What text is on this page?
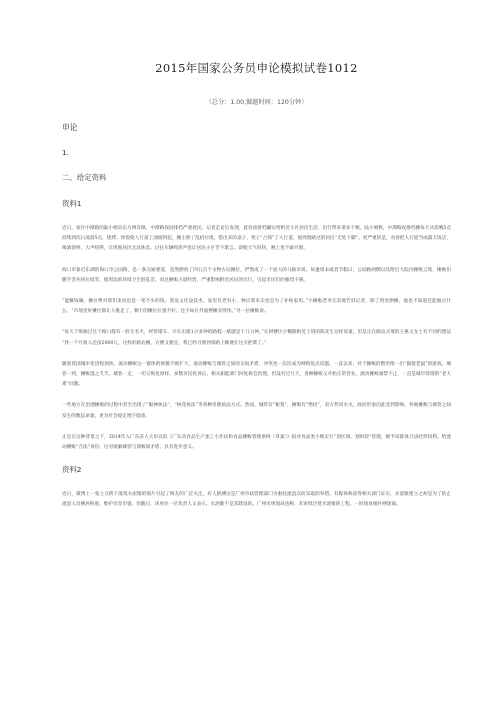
2015年国家公务员申论模拟试卷1012
（总分：1.00,做题时间：120分钟）
申论
1.
二、给定资料
资料1

近日，家住中潭路的陆小姐向东方网反映，中潭路夜间排档严重扰民。记者走访后发现，此处夜排档确实给附近小区居民生活、出行带来诸多不便。陆小姐称，中潭路夜排档摊每天从傍晚5点持续到次日凌晨5点，烧烤、炒饭使人行道上油烟四起，摊主除了乱扔垃圾，搭出来的桌子、凳子“占领”了人行道，使周围路过的居民“无处下脚”。更严重的是，食客把人行道当成露天饭店，喝酒划拳，大声喧哗，让周围居民无法休息。过往车辆鸣笛声也让居民小区苦不堪言。即使天气闷热，晚上也不敢开窗。

海口市靠近东湖的海口市公园路，是一条交通要道，竟然摆放了四五百个文物古玩摊位，俨然成了一个庞大的马路市场。每逢周末或者节假日，公园路两侧以及附近大院内摊贩云集，摊贩们随手丢弃的垃圾等，使周边的环境卫生脏乱差，而且摊贩占道经营，严重影响附近居民的出行，引起市民们的强烈不满。

“能赚钱嘛，摊位费对我们来说也是一笔不少的钱，我没文化没技术，家里有老有小，种点菜来卖也是为了补贴家用。”小摊贩老李无奈地告诉记者，除了到处摆摊，他也不知道还能做点什么。“市场里好摊位都让人挑走了，剩下的摊位位置不好，还不如在外面摆摊卖得快。”另一位摊贩说。

“每天下班路过这个路口都有一股无名火，经常堵车，开车出就1分多钟的路程一堵就是十几分钟。”在拱楼区小糊路附近上班的陈先生这样说道。但是正在路边买菜的王惠文女士有不同的想法 “我一个月收入还没2000元，这样的路边摊，方便又便宜，我已经习惯到家路上顺便在这买把菜了。”

随着我国城市化进程加快，流动摊贩这一群体的规模不断扩大，流动摊贩与城管之间的尖锐矛盾、冲突也一次次成为网络焦点话题。一直以来，对于摊贩的整治像一出“猫捉老鼠”的游戏。城管一到，摊贩逃之夭夭，城管一走，一切又恢复原样。多数市民投诉后，相关职能部门回复称会治理，但没有过几天，各种摊贩又开始正常营业。流动摊贩屡禁不止，一直是城市管理的“老大难”问题。

一些地方在治理摊贩的过程中甚至出现了“眼神执法”、“树花执法”等各种奇葩执法方式。然而，城管有“秘笈”，摊贩有“绝招”，双方势同水火，政府形象因此受到影响。各地摊贩与城管之间发生的数起命案，更为社会稳定埋下隐患。

正是在这种背景之下，2014年入广东省人大审议的《广东省食品生产加工小作坊和食品摊贩管理条例（草案）》拟对食品类小贩实行“划区域、划时段”管理，赋予该群体合法经营权利。给流动摊贩“合法”身份，这对缓解城管与商贩间矛盾，具有进步意义。

资料2

近日，微博上一张立交桥下泼筑水泥锥的图片引起了网友的广泛关注，有人猜测这是广州市政管理部门为驱赶流浪汉而采取的举措。有媒体称获得相关部门证实，水泥锥建立之初是为了防止流浪人员栖居桥底，维护市容市貌。但随后，该单位一位负责人又表示，水泥锥不是其辖设的。广州市规划局也称，未审批过建水泥锥的工程。一时间真相扑朔迷离。
